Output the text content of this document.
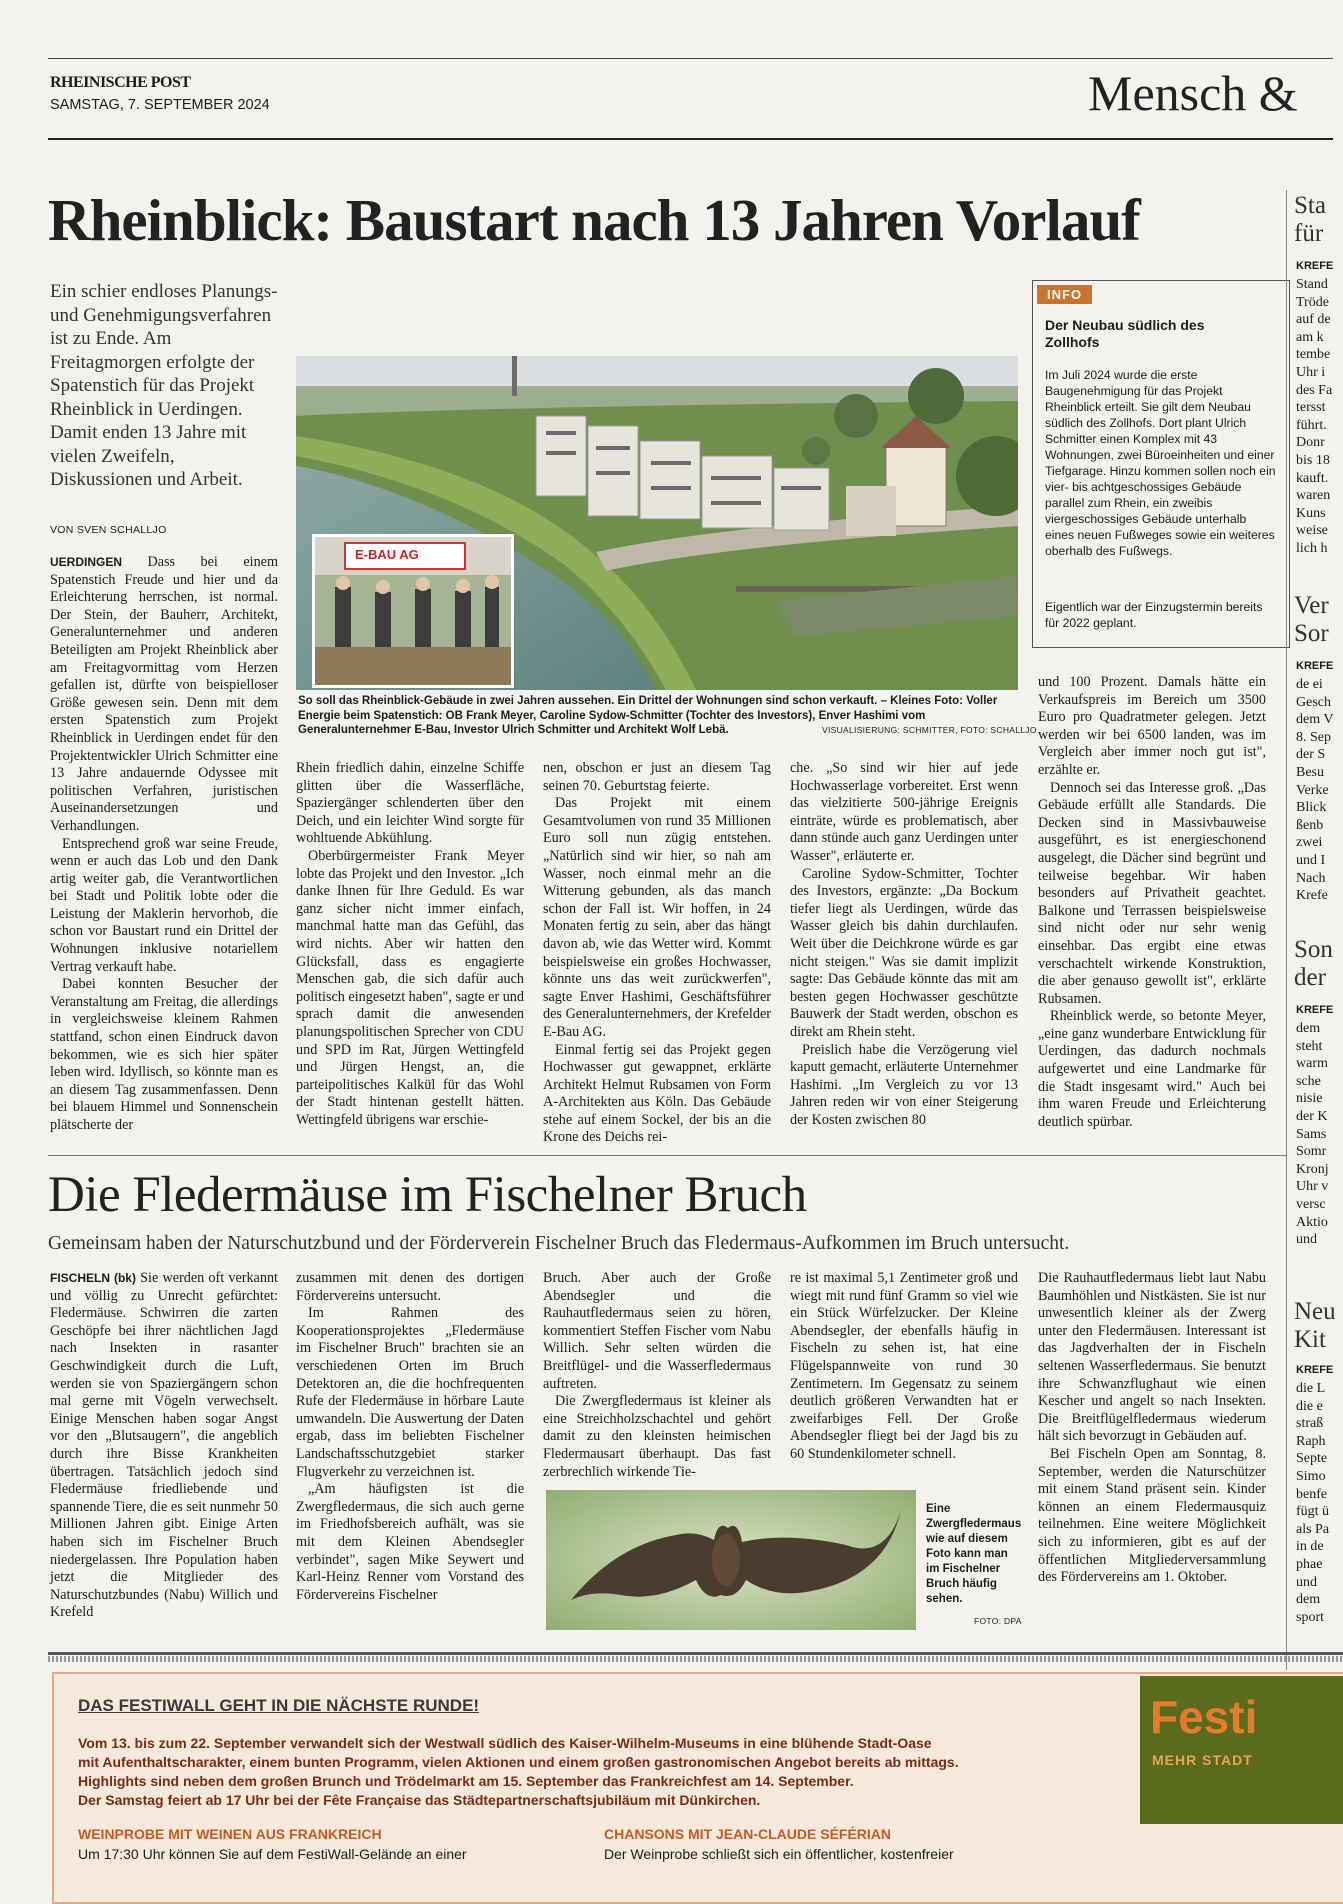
RHEINISCHE POST
SAMSTAG, 7. SEPTEMBER 2024	Mensch &
Rheinblick: Baustart nach 13 Jahren Vorlauf
Ein schier endloses Planungs- und Genehmigungsverfahren ist zu Ende. Am Freitagmorgen erfolgte der Spatenstich für das Projekt Rheinblick in Uerdingen. Damit enden 13 Jahre mit vielen Zweifeln, Diskussionen und Arbeit.
VON SVEN SCHALLJO
E-BAU AG
So soll das Rheinblick-Gebäude in zwei Jahren aussehen. Ein Drittel der Wohnungen sind schon verkauft. – Kleines Foto: Voller Energie beim Spatenstich: OB Frank Meyer, Caroline Sydow-Schmitter (Tochter des Investors), Enver Hashimi vom Generalunternehmer E-Bau, Investor Ulrich Schmitter und Architekt Wolf Lebä.	VISUALISIERUNG: SCHMITTER, FOTO: SCHALLJO
INFO
Der Neubau südlich des Zollhofs
Im Juli 2024 wurde die erste Baugenehmigung für das Projekt Rheinblick erteilt. Sie gilt dem Neubau südlich des Zollhofs. Dort plant Ulrich Schmitter einen Komplex mit 43 Wohnungen, zwei Büroeinheiten und einer Tiefgarage. Hinzu kommen sollen noch ein vier- bis achtgeschossiges Gebäude parallel zum Rhein, ein zweibis viergeschossiges Gebäude unterhalb eines neuen Fußweges sowie ein weiteres oberhalb des Fußwegs.
Eigentlich war der Einzugstermin bereits für 2022 geplant.

UERDINGEN Dass bei einem Spatenstich Freude und hier und da Erleichterung herrschen, ist normal. Der Stein, der Bauherr, Architekt, Generalunternehmer und anderen Beteiligten am Projekt Rheinblick aber am Freitagvormittag vom Herzen gefallen ist, dürfte von beispielloser Größe gewesen sein. Denn mit dem ersten Spatenstich zum Projekt Rheinblick in Uerdingen endet für den Projektentwickler Ulrich Schmitter eine 13 Jahre andauernde Odyssee mit politischen Verfahren, juristischen Auseinandersetzungen und Verhandlungen.

Entsprechend groß war seine Freude, wenn er auch das Lob und den Dank artig weiter gab, die Verantwortlichen bei Stadt und Politik lobte oder die Leistung der Maklerin hervorhob, die schon vor Baustart rund ein Drittel der Wohnungen inklusive notariellem Vertrag verkauft habe.

Dabei konnten Besucher der Veranstaltung am Freitag, die allerdings in vergleichsweise kleinem Rahmen stattfand, schon einen Eindruck davon bekommen, wie es sich hier später leben wird. Idyllisch, so könnte man es an diesem Tag zusammenfassen. Denn bei blauem Himmel und Sonnenschein plätscherte der

Rhein friedlich dahin, einzelne Schiffe glitten über die Wasserfläche, Spaziergänger schlenderten über den Deich, und ein leichter Wind sorgte für wohltuende Abkühlung.

Oberbürgermeister Frank Meyer lobte das Projekt und den Investor. „Ich danke Ihnen für Ihre Geduld. Es war ganz sicher nicht immer einfach, manchmal hatte man das Gefühl, das wird nichts. Aber wir hatten den Glücksfall, dass es engagierte Menschen gab, die sich dafür auch politisch eingesetzt haben", sagte er und sprach damit die anwesenden planungspolitischen Sprecher von CDU und SPD im Rat, Jürgen Wettingfeld und Jürgen Hengst, an, die parteipolitisches Kalkül für das Wohl der Stadt hintenan gestellt hätten. Wettingfeld übrigens war erschie-

nen, obschon er just an diesem Tag seinen 70. Geburtstag feierte.

Das Projekt mit einem Gesamtvolumen von rund 35 Millionen Euro soll nun zügig entstehen. „Natürlich sind wir hier, so nah am Wasser, noch einmal mehr an die Witterung gebunden, als das manch schon der Fall ist. Wir hoffen, in 24 Monaten fertig zu sein, aber das hängt davon ab, wie das Wetter wird. Kommt beispielsweise ein großes Hochwasser, könnte uns das weit zurückwerfen", sagte Enver Hashimi, Geschäftsführer des Generalunternehmers, der Krefelder E-Bau AG.

Einmal fertig sei das Projekt gegen Hochwasser gut gewappnet, erklärte Architekt Helmut Rubsamen von Form A-Architekten aus Köln. Das Gebäude stehe auf einem Sockel, der bis an die Krone des Deichs rei-

che. „So sind wir hier auf jede Hochwasserlage vorbereitet. Erst wenn das vielzitierte 500-jährige Ereignis einträte, würde es problematisch, aber dann stünde auch ganz Uerdingen unter Wasser", erläuterte er.

Caroline Sydow-Schmitter, Tochter des Investors, ergänzte: „Da Bockum tiefer liegt als Uerdingen, würde das Wasser gleich bis dahin durchlaufen. Weit über die Deichkrone würde es gar nicht steigen." Was sie damit implizit sagte: Das Gebäude könnte das mit am besten gegen Hochwasser geschützte Bauwerk der Stadt werden, obschon es direkt am Rhein steht.

Preislich habe die Verzögerung viel kaputt gemacht, erläuterte Unternehmer Hashimi. „Im Vergleich zu vor 13 Jahren reden wir von einer Steigerung der Kosten zwischen 80

und 100 Prozent. Damals hätte ein Verkaufspreis im Bereich um 3500 Euro pro Quadratmeter gelegen. Jetzt werden wir bei 6500 landen, was im Vergleich aber immer noch gut ist", erzählte er.

Dennoch sei das Interesse groß. „Das Gebäude erfüllt alle Standards. Die Decken sind in Massivbauweise ausgeführt, es ist energieschonend ausgelegt, die Dächer sind begrünt und teilweise begehbar. Wir haben besonders auf Privatheit geachtet. Balkone und Terrassen beispielsweise sind nicht oder nur sehr wenig einsehbar. Das ergibt eine etwas verschachtelt wirkende Konstruktion, die aber genauso gewollt ist", erklärte Rubsamen.

Rheinblick werde, so betonte Meyer, „eine ganz wunderbare Entwicklung für Uerdingen, das dadurch nochmals aufgewertet und eine Landmarke für die Stadt insgesamt wird." Auch bei ihm waren Freude und Erleichterung deutlich spürbar.

Die Fledermäuse im Fischelner Bruch
Gemeinsam haben der Naturschutzbund und der Förderverein Fischelner Bruch das Fledermaus-Aufkommen im Bruch untersucht.

FISCHELN (bk) Sie werden oft verkannt und völlig zu Unrecht gefürchtet: Fledermäuse. Schwirren die zarten Geschöpfe bei ihrer nächtlichen Jagd nach Insekten in rasanter Geschwindigkeit durch die Luft, werden sie von Spaziergängern schon mal gerne mit Vögeln verwechselt. Einige Menschen haben sogar Angst vor den „Blutsaugern", die angeblich durch ihre Bisse Krankheiten übertragen. Tatsächlich jedoch sind Fledermäuse friedliebende und spannende Tiere, die es seit nunmehr 50 Millionen Jahren gibt. Einige Arten haben sich im Fischelner Bruch niedergelassen. Ihre Population haben jetzt die Mitglieder des Naturschutzbundes (Nabu) Willich und Krefeld

zusammen mit denen des dortigen Fördervereins untersucht.

Im Rahmen des Kooperationsprojektes „Fledermäuse im Fischelner Bruch" brachten sie an verschiedenen Orten im Bruch Detektoren an, die die hochfrequenten Rufe der Fledermäuse in hörbare Laute umwandeln. Die Auswertung der Daten ergab, dass im beliebten Fischelner Landschaftsschutzgebiet starker Flugverkehr zu verzeichnen ist.

„Am häufigsten ist die Zwergfledermaus, die sich auch gerne im Friedhofsbereich aufhält, was sie mit dem Kleinen Abendsegler verbindet", sagen Mike Seywert und Karl-Heinz Renner vom Vorstand des Fördervereins Fischelner

Bruch. Aber auch der Große Abendsegler und die Rauhautfledermaus seien zu hören, kommentiert Steffen Fischer vom Nabu Willich. Sehr selten würden die Breitflügel- und die Wasserfledermaus auftreten.

Die Zwergfledermaus ist kleiner als eine Streichholzschachtel und gehört damit zu den kleinsten heimischen Fledermausart überhaupt. Das fast zerbrechlich wirkende Tie-

re ist maximal 5,1 Zentimeter groß und wiegt mit rund fünf Gramm so viel wie ein Stück Würfelzucker. Der Kleine Abendsegler, der ebenfalls häufig in Fischeln zu sehen ist, hat eine Flügelspannweite von rund 30 Zentimetern. Im Gegensatz zu seinem deutlich größeren Verwandten hat er zweifarbiges Fell. Der Große Abendsegler fliegt bei der Jagd bis zu 60 Stundenkilometer schnell.

Die Rauhautfledermaus liebt laut Nabu Baumhöhlen und Nistkästen. Sie ist nur unwesentlich kleiner als der Zwerg unter den Fledermäusen. Interessant ist das Jagdverhalten der in Fischeln seltenen Wasserfledermaus. Sie benutzt ihre Schwanzflughaut wie einen Kescher und angelt so nach Insekten. Die Breitflügelfledermaus wiederum hält sich bevorzugt in Gebäuden auf.

Bei Fischeln Open am Sonntag, 8. September, werden die Naturschützer mit einem Stand präsent sein. Kinder können an einem Fledermausquiz teilnehmen. Eine weitere Möglichkeit sich zu informieren, gibt es auf der öffentlichen Mitgliederversammlung des Fördervereins am 1. Oktober.

Eine Zwergfledermaus wie auf diesem Foto kann man im Fischelner Bruch häufig sehen.
FOTO: DPA
Sta für
KREFE
Stand Tröde auf de am k tembe Uhr i des Fa tersst führt. Donr bis 18 kauft. waren Kuns weise lich h
Ver Sor
KREFE
de ei Gesch dem V 8. Sep der S Besu Verke Blick ßenb zwei und I Nach Krefe
Son der
KREFE
dem steht warm sche nisie der K Sams Somr Kronj Uhr v versc Aktio und
Neu Kit
KREFE
die L die e straß Raph Septe Simo benfe fügt ü als Pa in de phae und dem sport
DAS FESTIWALL GEHT IN DIE NÄCHSTE RUNDE!
Vom 13. bis zum 22. September verwandelt sich der Westwall südlich des Kaiser-Wilhelm-Museums in eine blühende Stadt-Oase
mit Aufenthaltscharakter, einem bunten Programm, vielen Aktionen und einem großen gastronomischen Angebot bereits ab mittags.
Highlights sind neben dem großen Brunch und Trödelmarkt am 15. September das Frankreichfest am 14. September.
Der Samstag feiert ab 17 Uhr bei der Fête Française das Städtepartnerschaftsjubiläum mit Dünkirchen.
WEINPROBE MIT WEINEN AUS FRANKREICH
Um 17:30 Uhr können Sie auf dem FestiWall-Gelände an einer
CHANSONS MIT JEAN-CLAUDE SÉFÉRIAN
Der Weinprobe schließt sich ein öffentlicher, kostenfreier
Festi
MEHR STADT
